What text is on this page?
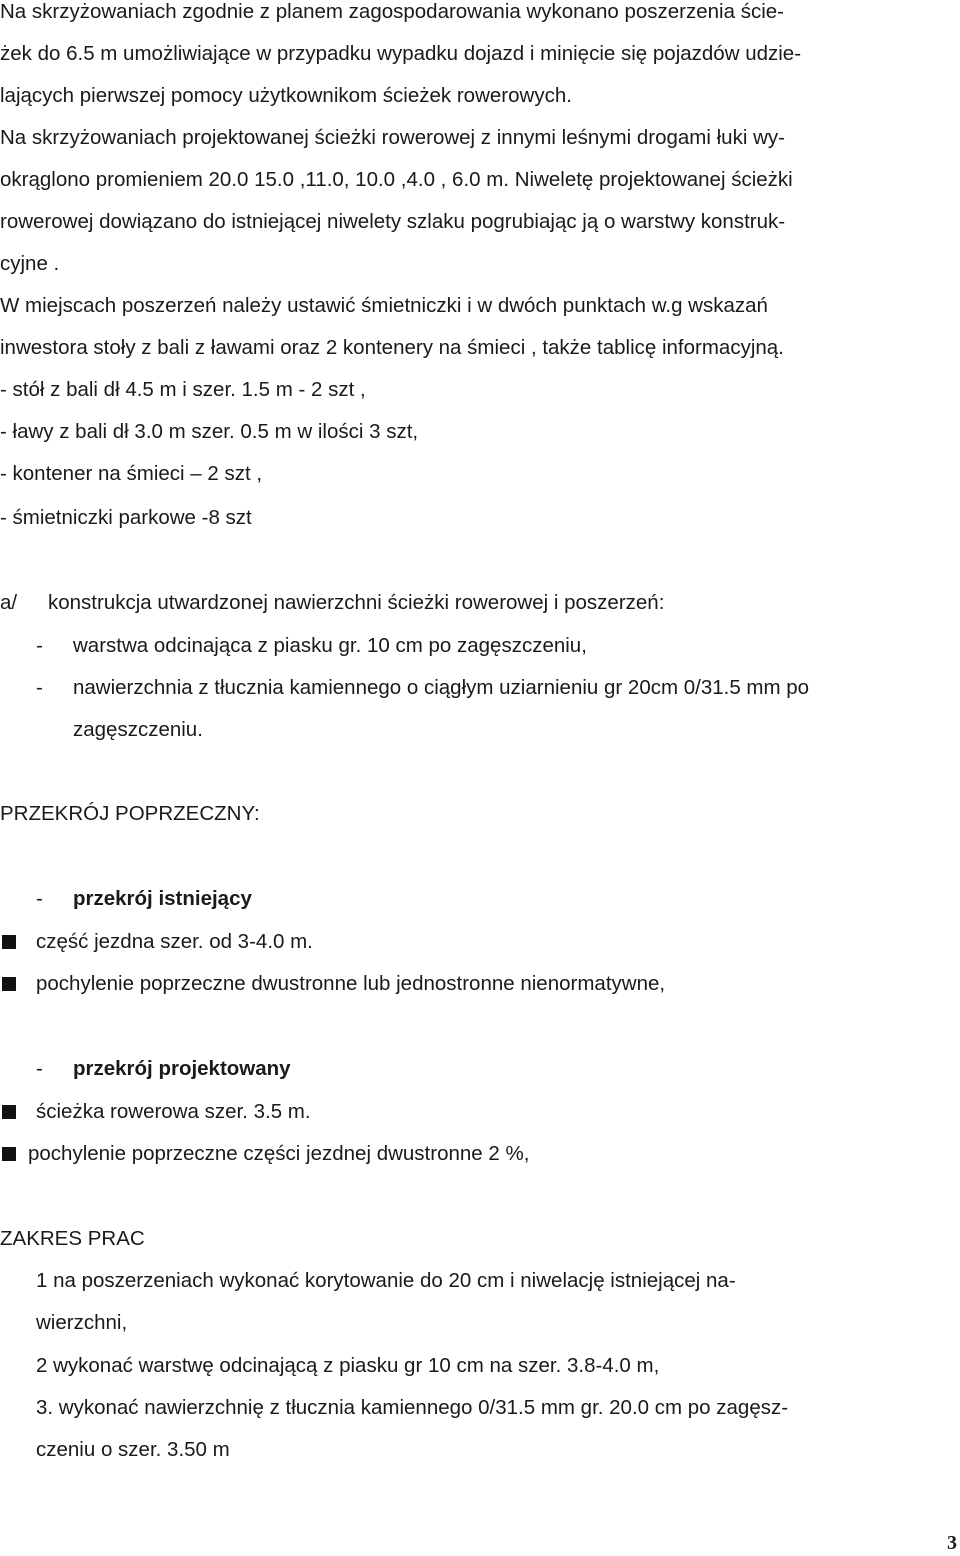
Na skrzyżowaniach zgodnie z planem zagospodarowania wykonano poszerzenia ście-
żek do 6.5 m umożliwiające w przypadku wypadku dojazd i minięcie się pojazdów udzie-
lających pierwszej pomocy użytkownikom ścieżek rowerowych.
Na skrzyżowaniach projektowanej ścieżki rowerowej z innymi leśnymi drogami łuki wy-
okrąglono promieniem 20.0 15.0 ,11.0, 10.0 ,4.0 , 6.0 m. Niweletę projektowanej ścieżki
rowerowej dowiązano do istniejącej niwelety szlaku pogrubiając ją o warstwy konstruk-
cyjne .
W miejscach poszerzeń należy ustawić śmietniczki i w dwóch punktach w.g wskazań
inwestora stoły z bali z ławami oraz 2 kontenery na śmieci , także tablicę informacyjną.
- stół z bali dł 4.5 m i szer. 1.5 m - 2 szt ,
- ławy z bali dł 3.0 m szer. 0.5 m w ilości 3 szt,
- kontener na śmieci – 2 szt ,
- śmietniczki parkowe -8 szt
a/ konstrukcja utwardzonej nawierzchni ścieżki rowerowej i poszerzeń:
- warstwa odcinająca z piasku gr. 10 cm po zagęszczeniu,
- nawierzchnia z tłucznia kamiennego o ciągłym uziarnieniu gr 20cm 0/31.5 mm po
zagęszczeniu.
PRZEKRÓJ POPRZECZNY:
- przekrój istniejący
część jezdna szer. od 3-4.0 m.
pochylenie poprzeczne dwustronne lub jednostronne nienormatywne,
- przekrój projektowany
ścieżka rowerowa szer. 3.5 m.
pochylenie poprzeczne części jezdnej dwustronne 2 %,
ZAKRES PRAC
1 na poszerzeniach wykonać korytowanie do 20 cm i niwelację istniejącej na-
wierzchni,
2 wykonać warstwę odcinającą z piasku gr 10 cm na szer. 3.8-4.0 m,
3. wykonać nawierzchnię z tłucznia kamiennego 0/31.5 mm gr. 20.0 cm po zagęsz-
czeniu o szer. 3.50 m
3
